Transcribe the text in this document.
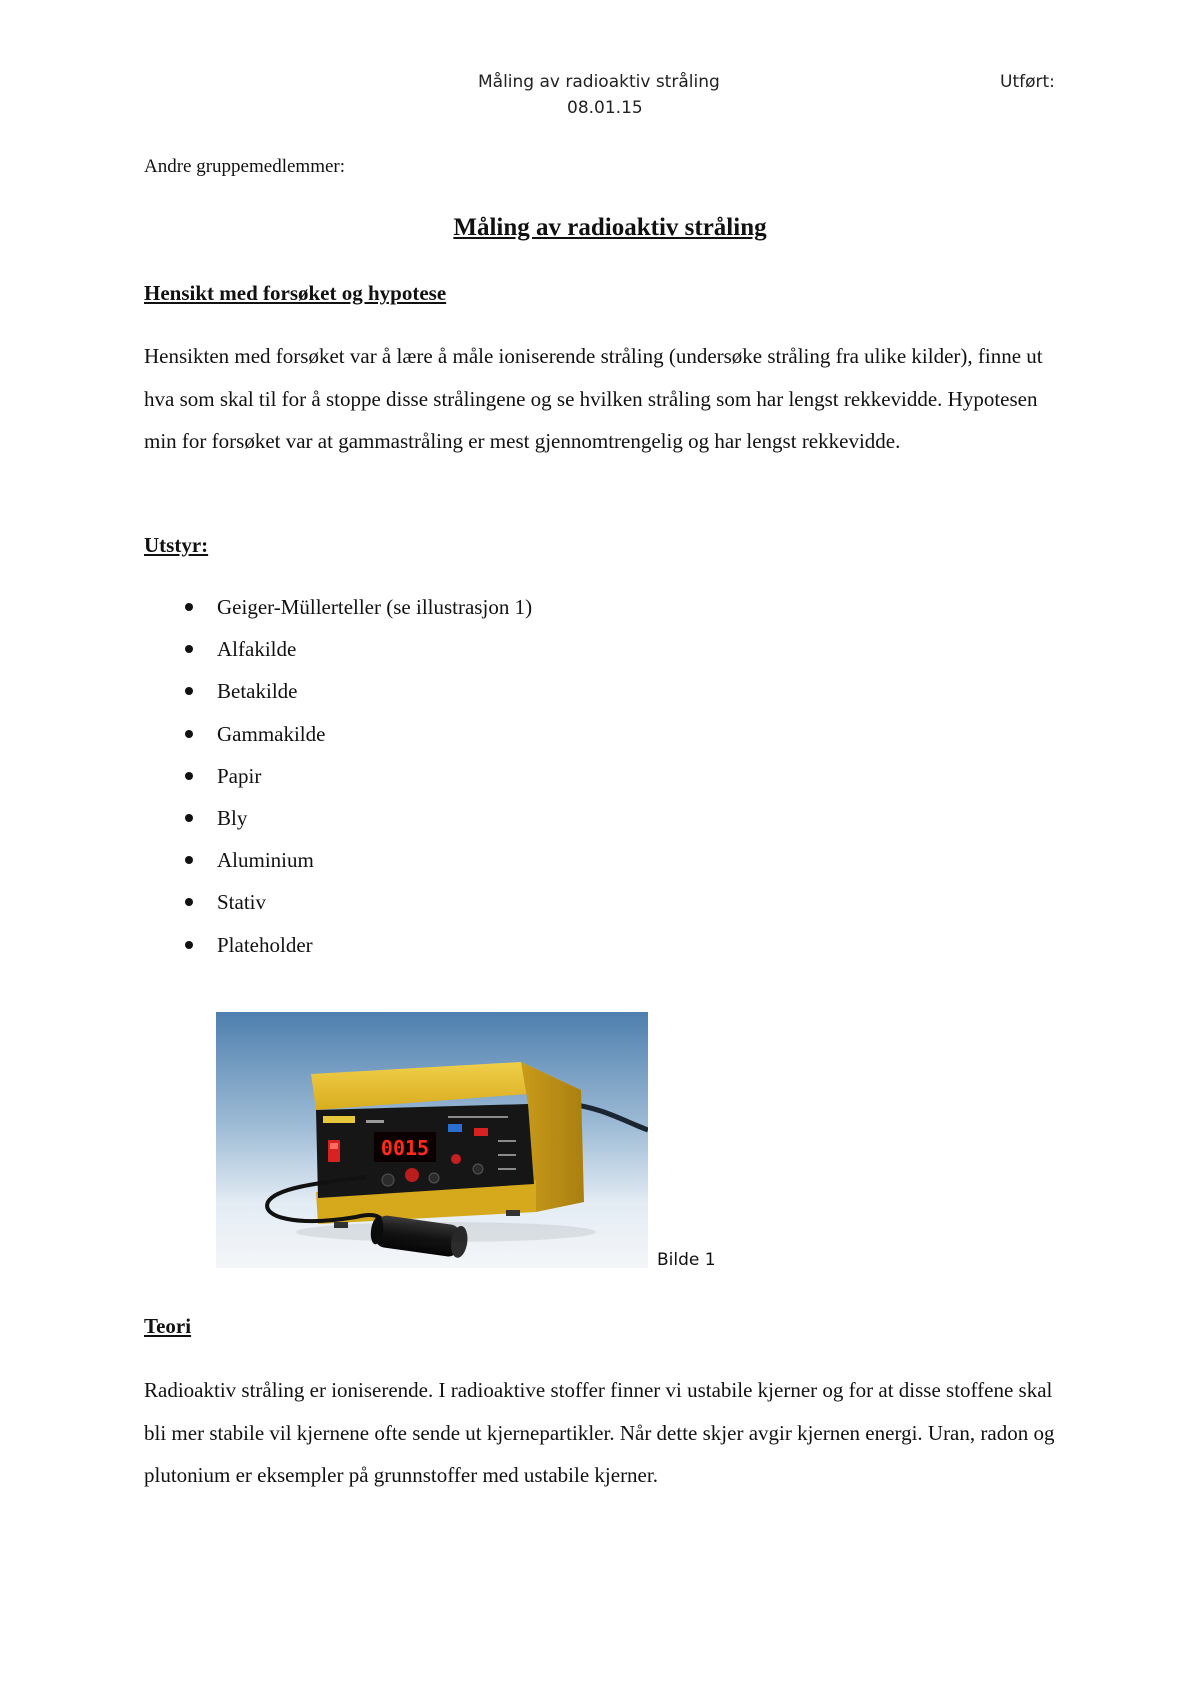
Måling av radioaktiv stråling
08.01.15
Utført:
Andre gruppemedlemmer:
Måling av radioaktiv stråling
Hensikt med forsøket og hypotese

Hensikten med forsøket var å lære å måle ioniserende stråling (undersøke stråling fra ulike kilder), finne ut hva som skal til for å stoppe disse strålingene og se hvilken stråling som har lengst rekkevidde. Hypotesen min for forsøket var at gammastråling er mest gjennomtrengelig og har lengst rekkevidde.

Utstyr:
Geiger-Müllerteller (se illustrasjon 1)
Alfakilde
Betakilde
Gammakilde
Papir
Bly
Aluminium
Stativ
Plateholder
0015
Bilde 1
Teori

Radioaktiv stråling er ioniserende. I radioaktive stoffer finner vi ustabile kjerner og for at disse stoffene skal bli mer stabile vil kjernene ofte sende ut kjernepartikler. Når dette skjer avgir kjernen energi. Uran, radon og plutonium er eksempler på grunnstoffer med ustabile kjerner.
